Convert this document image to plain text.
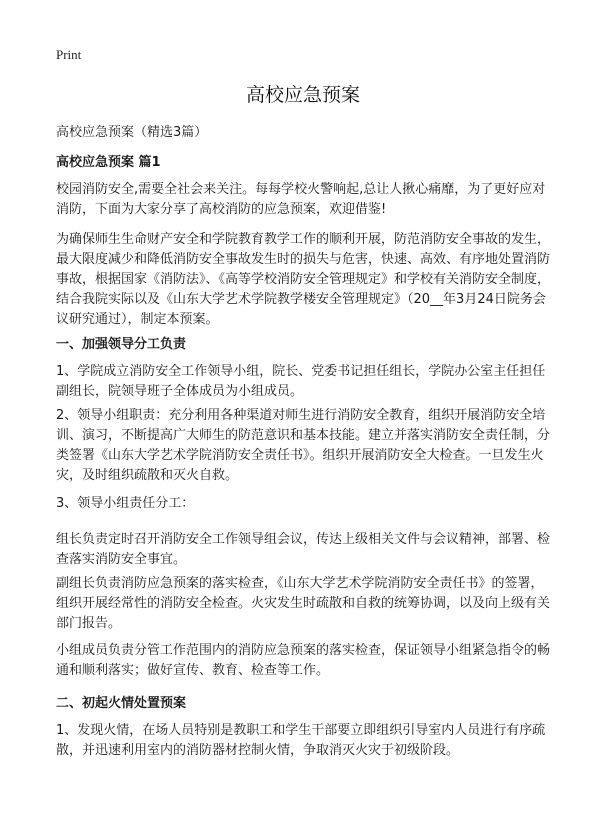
Print
高校应急预案
高校应急预案（精选3篇）
高校应急预案 篇1
校园消防安全,需要全社会来关注。每每学校火警响起,总让人揪心痛靡，为了更好应对消防，下面为大家分享了高校消防的应急预案，欢迎借鉴!
为确保师生生命财产安全和学院教育教学工作的顺利开展，防范消防安全事故的发生，最大限度减少和降低消防安全事故发生时的损失与危害，快速、高效、有序地处置消防事故，根据国家《消防法》、《高等学校消防安全管理规定》和学校有关消防安全制度，结合我院实际以及《山东大学艺术学院教学楼安全管理规定》（20__年3月24日院务会议研究通过），制定本预案。
一、加强领导分工负责
1、学院成立消防安全工作领导小组，院长、党委书记担任组长，学院办公室主任担任副组长，院领导班子全体成员为小组成员。
2、领导小组职责：充分利用各种渠道对师生进行消防安全教育，组织开展消防安全培训、演习，不断提高广大师生的防范意识和基本技能。建立并落实消防安全责任制，分类签署《山东大学艺术学院消防安全责任书》。组织开展消防安全大检查。一旦发生火灾，及时组织疏散和灭火自救。
3、领导小组责任分工：
组长负责定时召开消防安全工作领导组会议，传达上级相关文件与会议精神，部署、检查落实消防安全事宜。
副组长负责消防应急预案的落实检查，《山东大学艺术学院消防安全责任书》的签署，组织开展经常性的消防安全检查。火灾发生时疏散和自救的统筹协调，以及向上级有关部门报告。
小组成员负责分管工作范围内的消防应急预案的落实检查，保证领导小组紧急指令的畅通和顺利落实；做好宣传、教育、检查等工作。
二、初起火情处置预案
1、发现火情，在场人员特别是教职工和学生干部要立即组织引导室内人员进行有序疏散，并迅速利用室内的消防器材控制火情，争取消灭火灾于初级阶段。
